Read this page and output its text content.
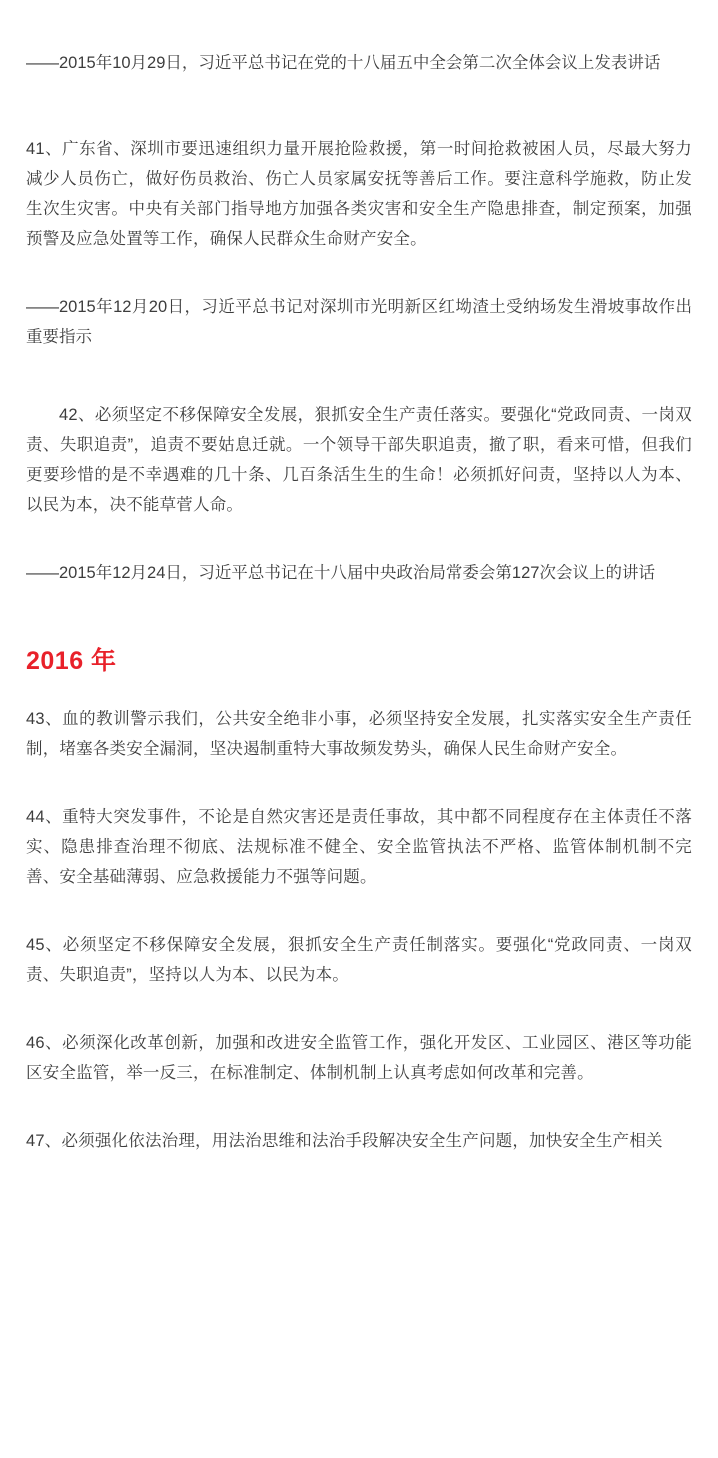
——2015年10月29日，习近平总书记在党的十八届五中全会第二次全体会议上发表讲话

41、广东省、深圳市要迅速组织力量开展抢险救援，第一时间抢救被困人员，尽最大努力减少人员伤亡，做好伤员救治、伤亡人员家属安抚等善后工作。要注意科学施救，防止发生次生灾害。中央有关部门指导地方加强各类灾害和安全生产隐患排查，制定预案，加强预警及应急处置等工作，确保人民群众生命财产安全。

——2015年12月20日，习近平总书记对深圳市光明新区红坳渣土受纳场发生滑坡事故作出重要指示

42、必须坚定不移保障安全发展，狠抓安全生产责任落实。要强化“党政同责、一岗双责、失职追责”，追责不要姑息迁就。一个领导干部失职追责，撤了职，看来可惜，但我们更要珍惜的是不幸遇难的几十条、几百条活生生的生命！必须抓好问责，坚持以人为本、以民为本，决不能草菅人命。

——2015年12月24日，习近平总书记在十八届中央政治局常委会第127次会议上的讲话

2016 年

43、血的教训警示我们，公共安全绝非小事，必须坚持安全发展，扎实落实安全生产责任制，堵塞各类安全漏洞，坚决遏制重特大事故频发势头，确保人民生命财产安全。

44、重特大突发事件，不论是自然灾害还是责任事故，其中都不同程度存在主体责任不落实、隐患排查治理不彻底、法规标准不健全、安全监管执法不严格、监管体制机制不完善、安全基础薄弱、应急救援能力不强等问题。

45、必须坚定不移保障安全发展，狠抓安全生产责任制落实。要强化“党政同责、一岗双责、失职追责”，坚持以人为本、以民为本。

46、必须深化改革创新，加强和改进安全监管工作，强化开发区、工业园区、港区等功能区安全监管，举一反三，在标准制定、体制机制上认真考虑如何改革和完善。

47、必须强化依法治理，用法治思维和法治手段解决安全生产问题，加快安全生产相关
